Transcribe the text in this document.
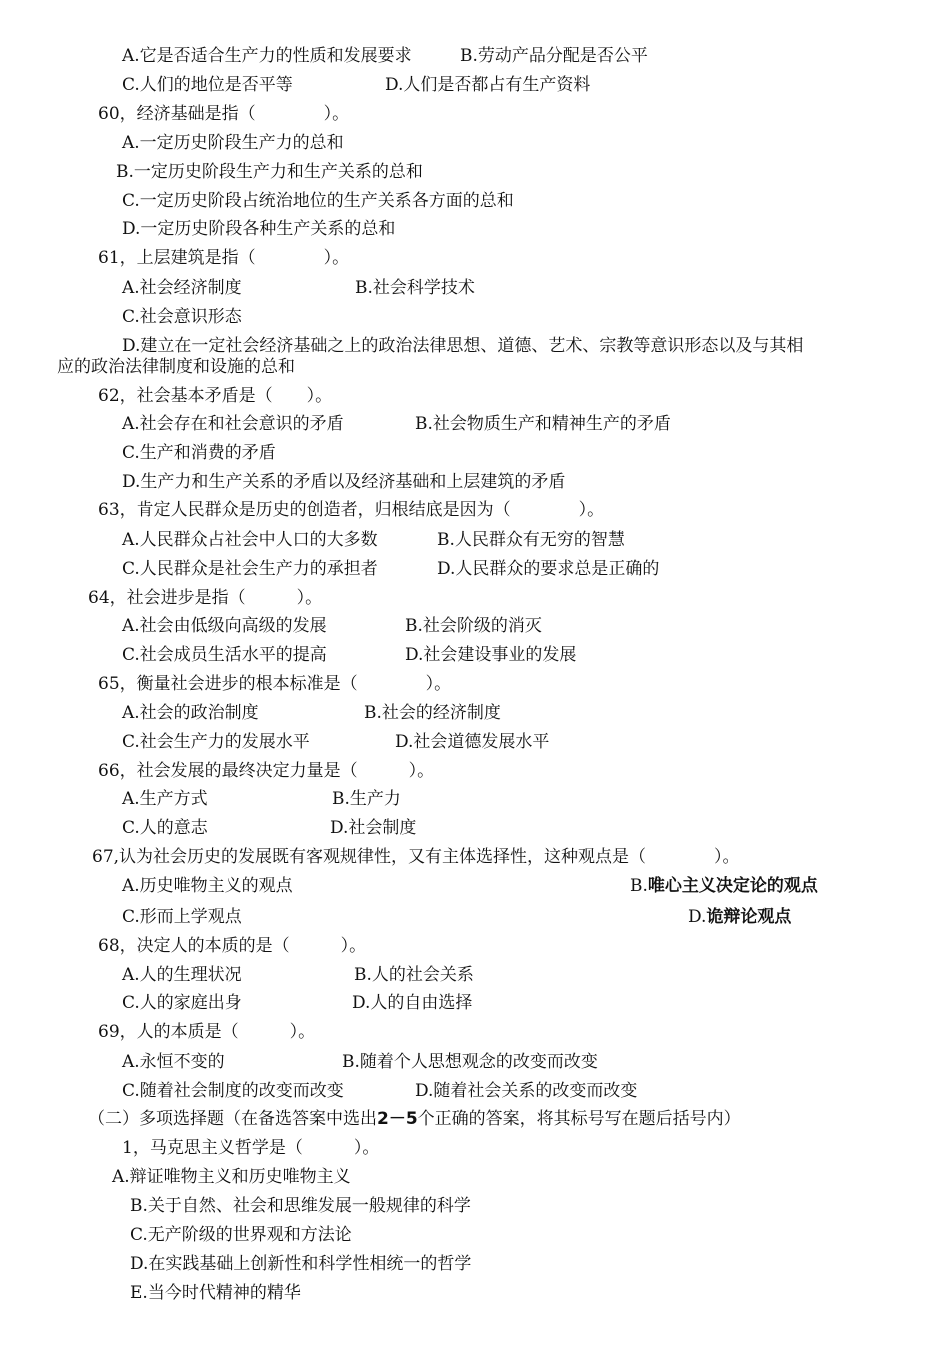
A.它是否适合生产力的性质和发展要求	B.劳动产品分配是否公平
C.人们的地位是否平等	D.人们是否都占有生产资料
60，经济基础是指（　　　　）。
A.一定历史阶段生产力的总和
B.一定历史阶段生产力和生产关系的总和
C.一定历史阶段占统治地位的生产关系各方面的总和
D.一定历史阶段各种生产关系的总和
61，上层建筑是指（　　　　）。
A.社会经济制度	B.社会科学技术
C.社会意识形态
D.建立在一定社会经济基础之上的政治法律思想、道德、艺术、宗教等意识形态以及与其相
应的政治法律制度和设施的总和
62，社会基本矛盾是（　　）。
A.社会存在和社会意识的矛盾	B.社会物质生产和精神生产的矛盾
C.生产和消费的矛盾
D.生产力和生产关系的矛盾以及经济基础和上层建筑的矛盾
63，肯定人民群众是历史的创造者，归根结底是因为（　　　　）。
A.人民群众占社会中人口的大多数	B.人民群众有无穷的智慧
C.人民群众是社会生产力的承担者	D.人民群众的要求总是正确的
64，社会进步是指（　　　）。
A.社会由低级向高级的发展	B.社会阶级的消灭
C.社会成员生活水平的提高	D.社会建设事业的发展
65，衡量社会进步的根本标准是（　　　　）。
A.社会的政治制度	B.社会的经济制度
C.社会生产力的发展水平	D.社会道德发展水平
66，社会发展的最终决定力量是（　　　）。
A.生产方式	B.生产力
C.人的意志	D.社会制度
67,认为社会历史的发展既有客观规律性，又有主体选择性，这种观点是（　　　　）。
A.历史唯物主义的观点	B.唯心主义决定论的观点
C.形而上学观点	D.诡辩论观点
68，决定人的本质的是（　　　）。
A.人的生理状况	B.人的社会关系
C.人的家庭出身	D.人的自由选择
69，人的本质是（　　　）。
A.永恒不变的	B.随着个人思想观念的改变而改变
C.随着社会制度的改变而改变	D.随着社会关系的改变而改变
（二）多项选择题（在备选答案中选出2－5个正确的答案，将其标号写在题后括号内）
1，马克思主义哲学是（　　　）。
A.辩证唯物主义和历史唯物主义
B.关于自然、社会和思维发展一般规律的科学
C.无产阶级的世界观和方法论
D.在实践基础上创新性和科学性相统一的哲学
E.当今时代精神的精华
